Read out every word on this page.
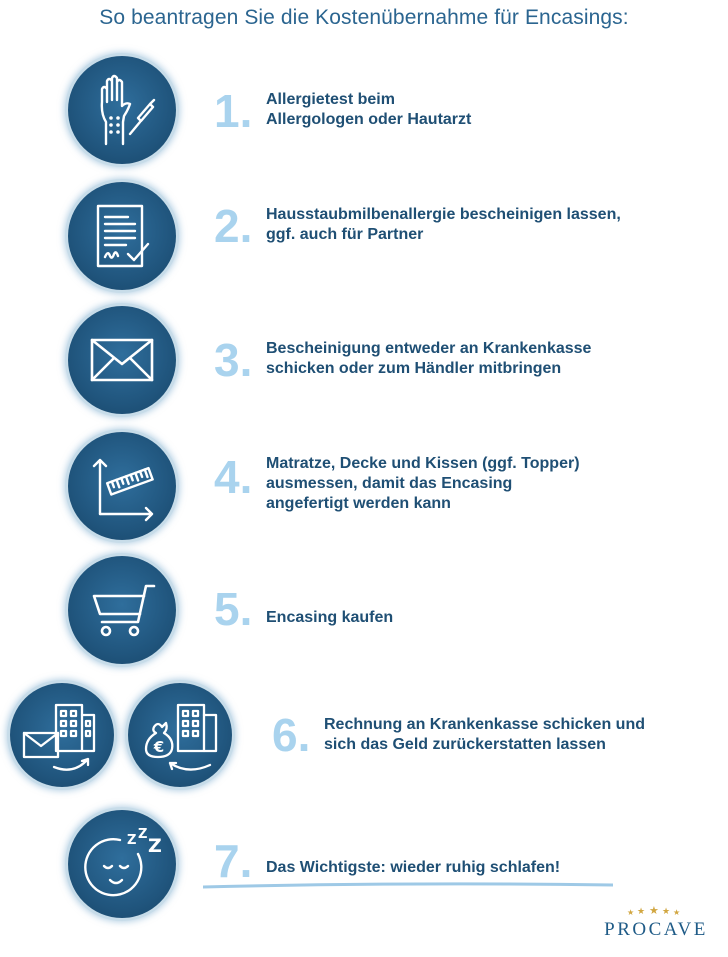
So beantragen Sie die Kostenübernahme für Encasings:
1. Allergietest beim
Allergologen oder Hautarzt
2. Hausstaubmilbenallergie bescheinigen lassen,
ggf. auch für Partner
3. Bescheinigung entweder an Krankenkasse
schicken oder zum Händler mitbringen
4. Matratze, Decke und Kissen (ggf. Topper)
ausmessen, damit das Encasing
angefertigt werden kann
5. Encasing kaufen
€ 6. Rechnung an Krankenkasse schicken und
sich das Geld zurückerstatten lassen
Z Z
Z 7. Das Wichtigste: wieder ruhig schlafen!
★ ★ ★ ★ ★
PROCAVE
